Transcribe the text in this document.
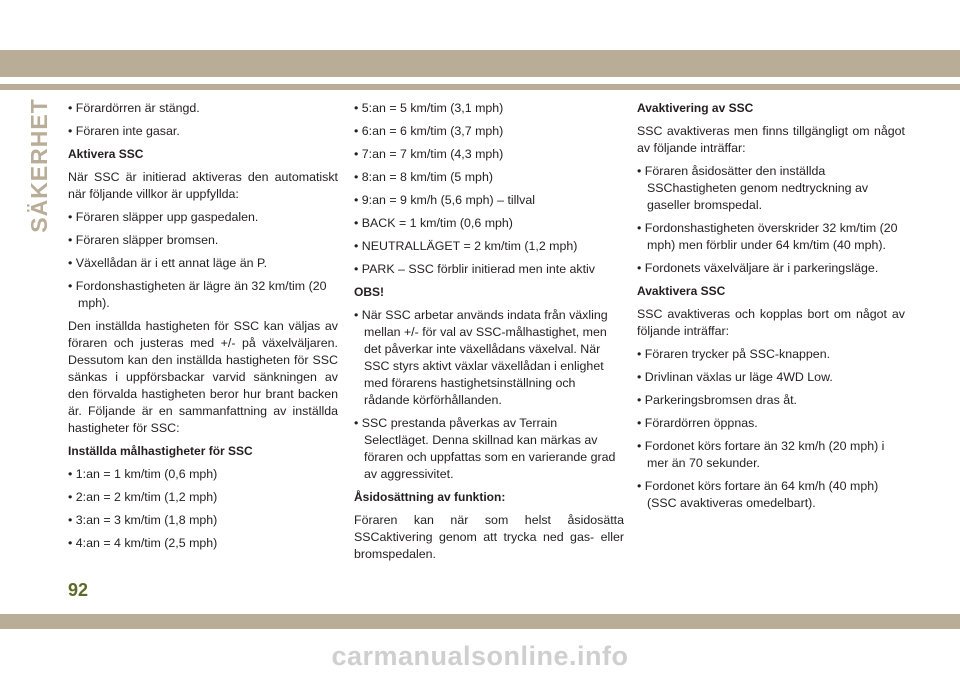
SÄKERHET
•	Förardörren är stängd.
• Föraren inte gasar.
Aktivera SSC
När SSC är initierad aktiveras den automatiskt när följande villkor är uppfyllda:
• Föraren släpper upp gaspedalen.
• Föraren släpper bromsen.
• Växellådan är i ett annat läge än P.
• Fordonshastigheten är lägre än 32 km/tim (20 mph).
Den inställda hastigheten för SSC kan väljas av föraren och justeras med +/- på växelväljaren. Dessutom kan den inställda hastigheten för SSC sänkas i uppförsbackar varvid sänkningen av den förvalda hastigheten beror hur brant backen är. Följande är en sammanfattning av inställda hastigheter för SSC:
Inställda målhastigheter för SSC
• 1:an = 1 km/tim (0,6 mph)
• 2:an = 2 km/tim (1,2 mph)
• 3:an = 3 km/tim (1,8 mph)
• 4:an = 4 km/tim (2,5 mph)
• 5:an = 5 km/tim (3,1 mph)
• 6:an = 6 km/tim (3,7 mph)
• 7:an = 7 km/tim (4,3 mph)
• 8:an = 8 km/tim (5 mph)
• 9:an = 9 km/h (5,6 mph) – tillval
• BACK = 1 km/tim (0,6 mph)
• NEUTRALLÄGET = 2 km/tim (1,2 mph)
• PARK – SSC förblir initierad men inte aktiv
OBS!
• När SSC arbetar används indata från växling mellan +/- för val av SSC-målhastighet, men det påverkar inte växellådans växelval. När SSC styrs aktivt växlar växellådan i enlighet med förarens hastighetsinställning och rådande körförhållanden.
• SSC prestanda påverkas av Terrain Selectläget. Denna skillnad kan märkas av föraren och uppfattas som en varierande grad av aggressivitet.
Åsidosättning av funktion:
Föraren kan när som helst åsidosätta SSCaktivering genom att trycka ned gas- eller bromspedalen.
Avaktivering av SSC
SSC avaktiveras men finns tillgängligt om något av följande inträffar:
• Föraren åsidosätter den inställda SSChastigheten genom nedtryckning av gaseller bromspedal.
• Fordonshastigheten överskrider 32 km/tim (20 mph) men förblir under 64 km/tim (40 mph).
• Fordonets växelväljare är i parkeringsläge.
Avaktivera SSC
SSC avaktiveras och kopplas bort om något av följande inträffar:
• Föraren trycker på SSC-knappen.
• Drivlinan växlas ur läge 4WD Low.
• Parkeringsbromsen dras åt.
• Förardörren öppnas.
• Fordonet körs fortare än 32 km/h (20 mph) i mer än 70 sekunder.
• Fordonet körs fortare än 64 km/h (40 mph) (SSC avaktiveras omedelbart).
92
carmanualsonline.info
